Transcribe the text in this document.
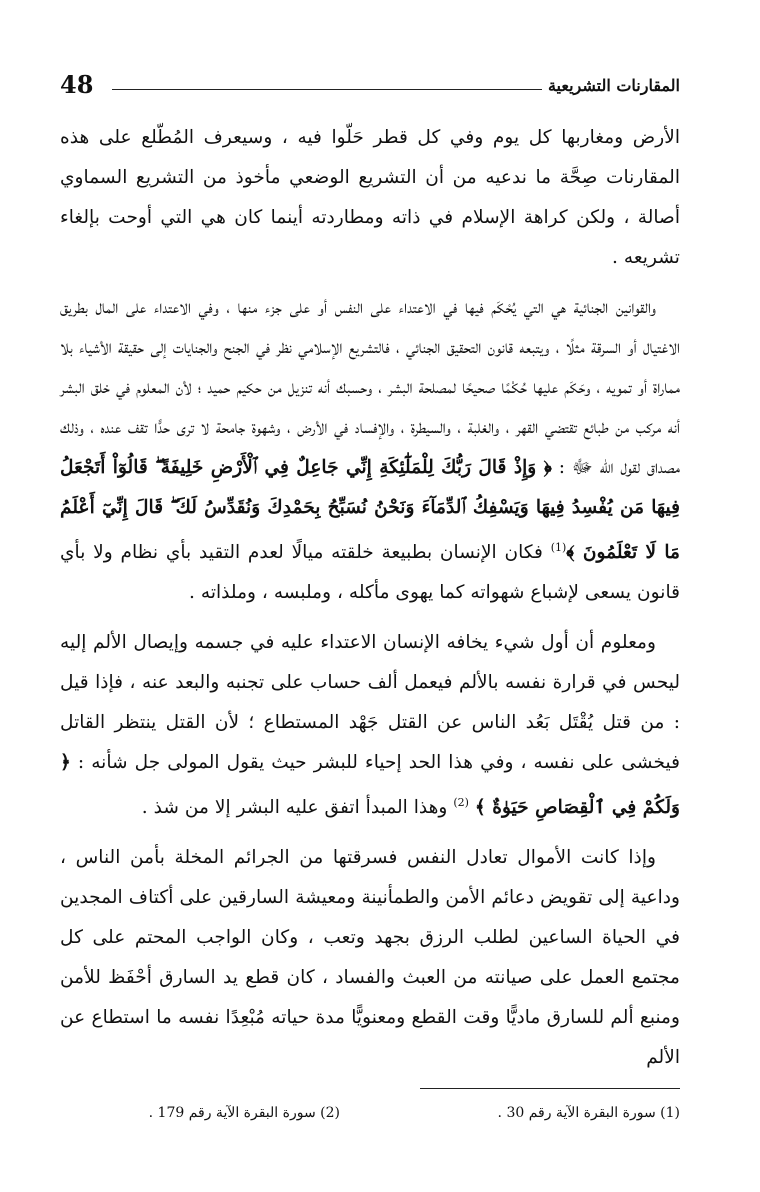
المقارنات التشريعية
48

الأرض ومغاربها كل يوم وفي كل قطر حَلّوا فيه ، وسيعرف المُطّلع على هذه المقارنات صِحَّة ما ندعيه من أن التشريع الوضعي مأخوذ من التشريع السماوي أصالة ، ولكن كراهة الإسلام في ذاته ومطاردته أينما كان هي التي أوحت بإلغاء تشريعه .

والقوانين الجنائية هي التي يُحْكَم فيها في الاعتداء على النفس أو على جزء منها ، وفي الاعتداء على المال بطريق الاغتيال أو السرقة مثلًا ، ويتبعه قانون التحقيق الجنائي ، فالتشريع الإسلامي نظر في الجنح والجنايات إلى حقيقة الأشياء بلا مماراة أو تمويه ، وحَكَم عليها حُكْمًا صحيحًا لمصلحة البشر ، وحسبك أنه تنزيل من حكيم حميد ؛ لأن المعلوم في خلق البشر أنه مركب من طبائع تقتضي القهر ، والغلبة ، والسيطرة ، والإفساد في الأرض ، وشهوة جامحة لا ترى حدًّا تقف عنده ، وذلك مصداق لقول الله ﷻ : ﴿ وَإِذْ قَالَ رَبُّكَ لِلْمَلَٰٓئِكَةِ إِنِّي جَاعِلٌ فِي ٱلْأَرْضِ خَلِيفَةً ۖ قَالُوٓاْ أَتَجْعَلُ فِيهَا مَن يُفْسِدُ فِيهَا وَيَسْفِكُ ٱلدِّمَآءَ وَنَحْنُ نُسَبِّحُ بِحَمْدِكَ وَنُقَدِّسُ لَكَ ۖ قَالَ إِنِّيٓ أَعْلَمُ مَا لَا تَعْلَمُونَ ﴾$^{(1)}$ فكان الإنسان بطبيعة خلقته ميالًا لعدم التقيد بأي نظام ولا بأي قانون يسعى لإشباع شهواته كما يهوى مأكله ، وملبسه ، وملذاته .

ومعلوم أن أول شيء يخافه الإنسان الاعتداء عليه في جسمه وإيصال الألم إليه ليحس في قرارة نفسه بالألم فيعمل ألف حساب على تجنبه والبعد عنه ، فإذا قيل : من قتل يُقْتَل بَعُد الناس عن القتل جَهْد المستطاع ؛ لأن القتل ينتظر القاتل فيخشى على نفسه ، وفي هذا الحد إحياء للبشر حيث يقول المولى جل شأنه : ﴿ وَلَكُمْ فِي ٱلْقِصَاصِ حَيَوٰةٌ ﴾ $^{(2)}$ وهذا المبدأ اتفق عليه البشر إلا من شذ .

وإذا كانت الأموال تعادل النفس فسرقتها من الجرائم المخلة بأمن الناس ، وداعية إلى تقويض دعائم الأمن والطمأنينة ومعيشة السارقين على أكتاف المجدين في الحياة الساعين لطلب الرزق بجهد وتعب ، وكان الواجب المحتم على كل مجتمع العمل على صيانته من العبث والفساد ، كان قطع يد السارق أحْفَظ للأمن ومنبع ألم للسارق ماديًّا وقت القطع ومعنويًّا مدة حياته مُبْعِدًا نفسه ما استطاع عن الألم

(1) سورة البقرة الآية رقم 30 .
(2) سورة البقرة الآية رقم 179 .
